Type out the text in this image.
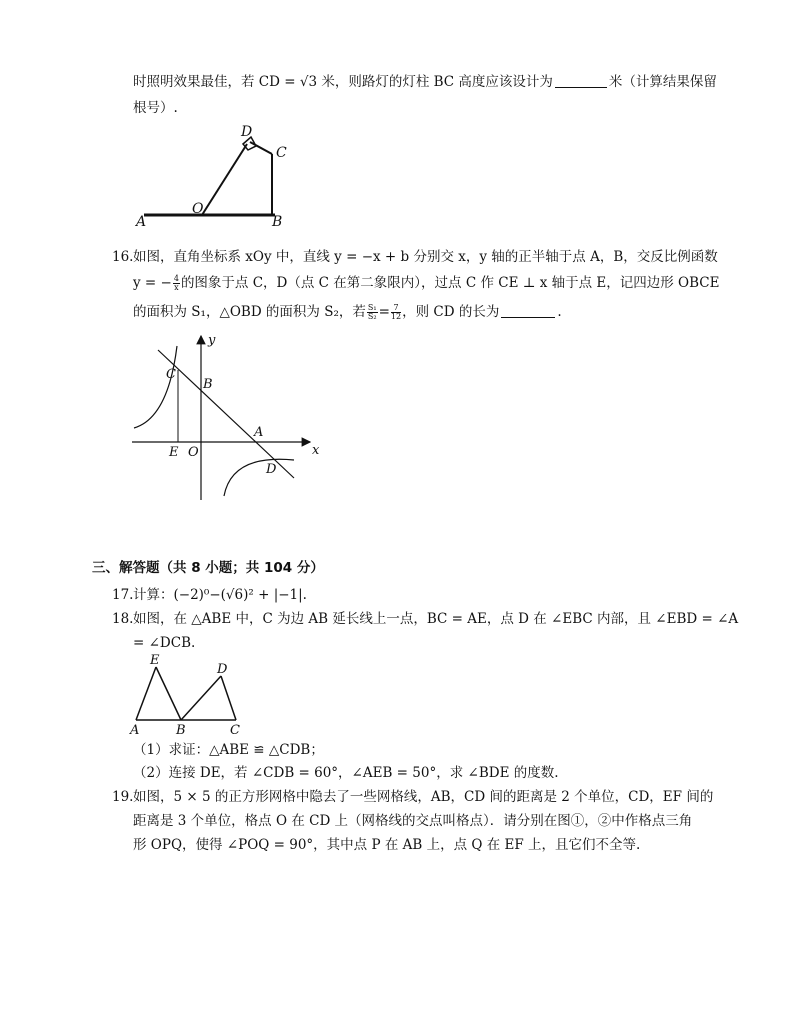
时照明效果最佳，若 CD = √3 米，则路灯的灯柱 BC 高度应该设计为	米（计算结果保留
根号）.
D
C
O
A	B
16. 如图，直角坐标系 xOy 中，直线 y = −x + b 分别交 x，y 轴的正半轴于点 A，B，交反比例函数
y = − $\frac{4}{x}$ 的图象于点 C，D（点 C 在第二象限内），过点 C 作 CE ⊥ x 轴于点 E，记四边形 OBCE
的面积为 S₁，△OBD 的面积为 S₂，若 $\frac{\text{S₁}}{\text{S₂}} = \frac{7}{12}$ ，则 CD 的长为	.
y
x
C
B
A
E O
D
三、解答题（共 8 小题；共 104 分）
17. 计算：(−2)⁰−(√6)² + |−1|.
18. 如图，在 △ABE 中，C 为边 AB 延长线上一点，BC = AE，点 D 在 ∠EBC 内部，且 ∠EBD = ∠A
= ∠DCB.
E
D
A	B	C
（1）求证：△ABE ≌ △CDB；
（2）连接 DE，若 ∠CDB = 60°，∠AEB = 50°，求 ∠BDE 的度数.
19. 如图，5 × 5 的正方形网格中隐去了一些网格线，AB，CD 间的距离是 2 个单位，CD，EF 间的
距离是 3 个单位，格点 O 在 CD 上（网格线的交点叫格点）．请分别在图①，②中作格点三角
形 OPQ，使得 ∠POQ = 90°，其中点 P 在 AB 上，点 Q 在 EF 上，且它们不全等.
